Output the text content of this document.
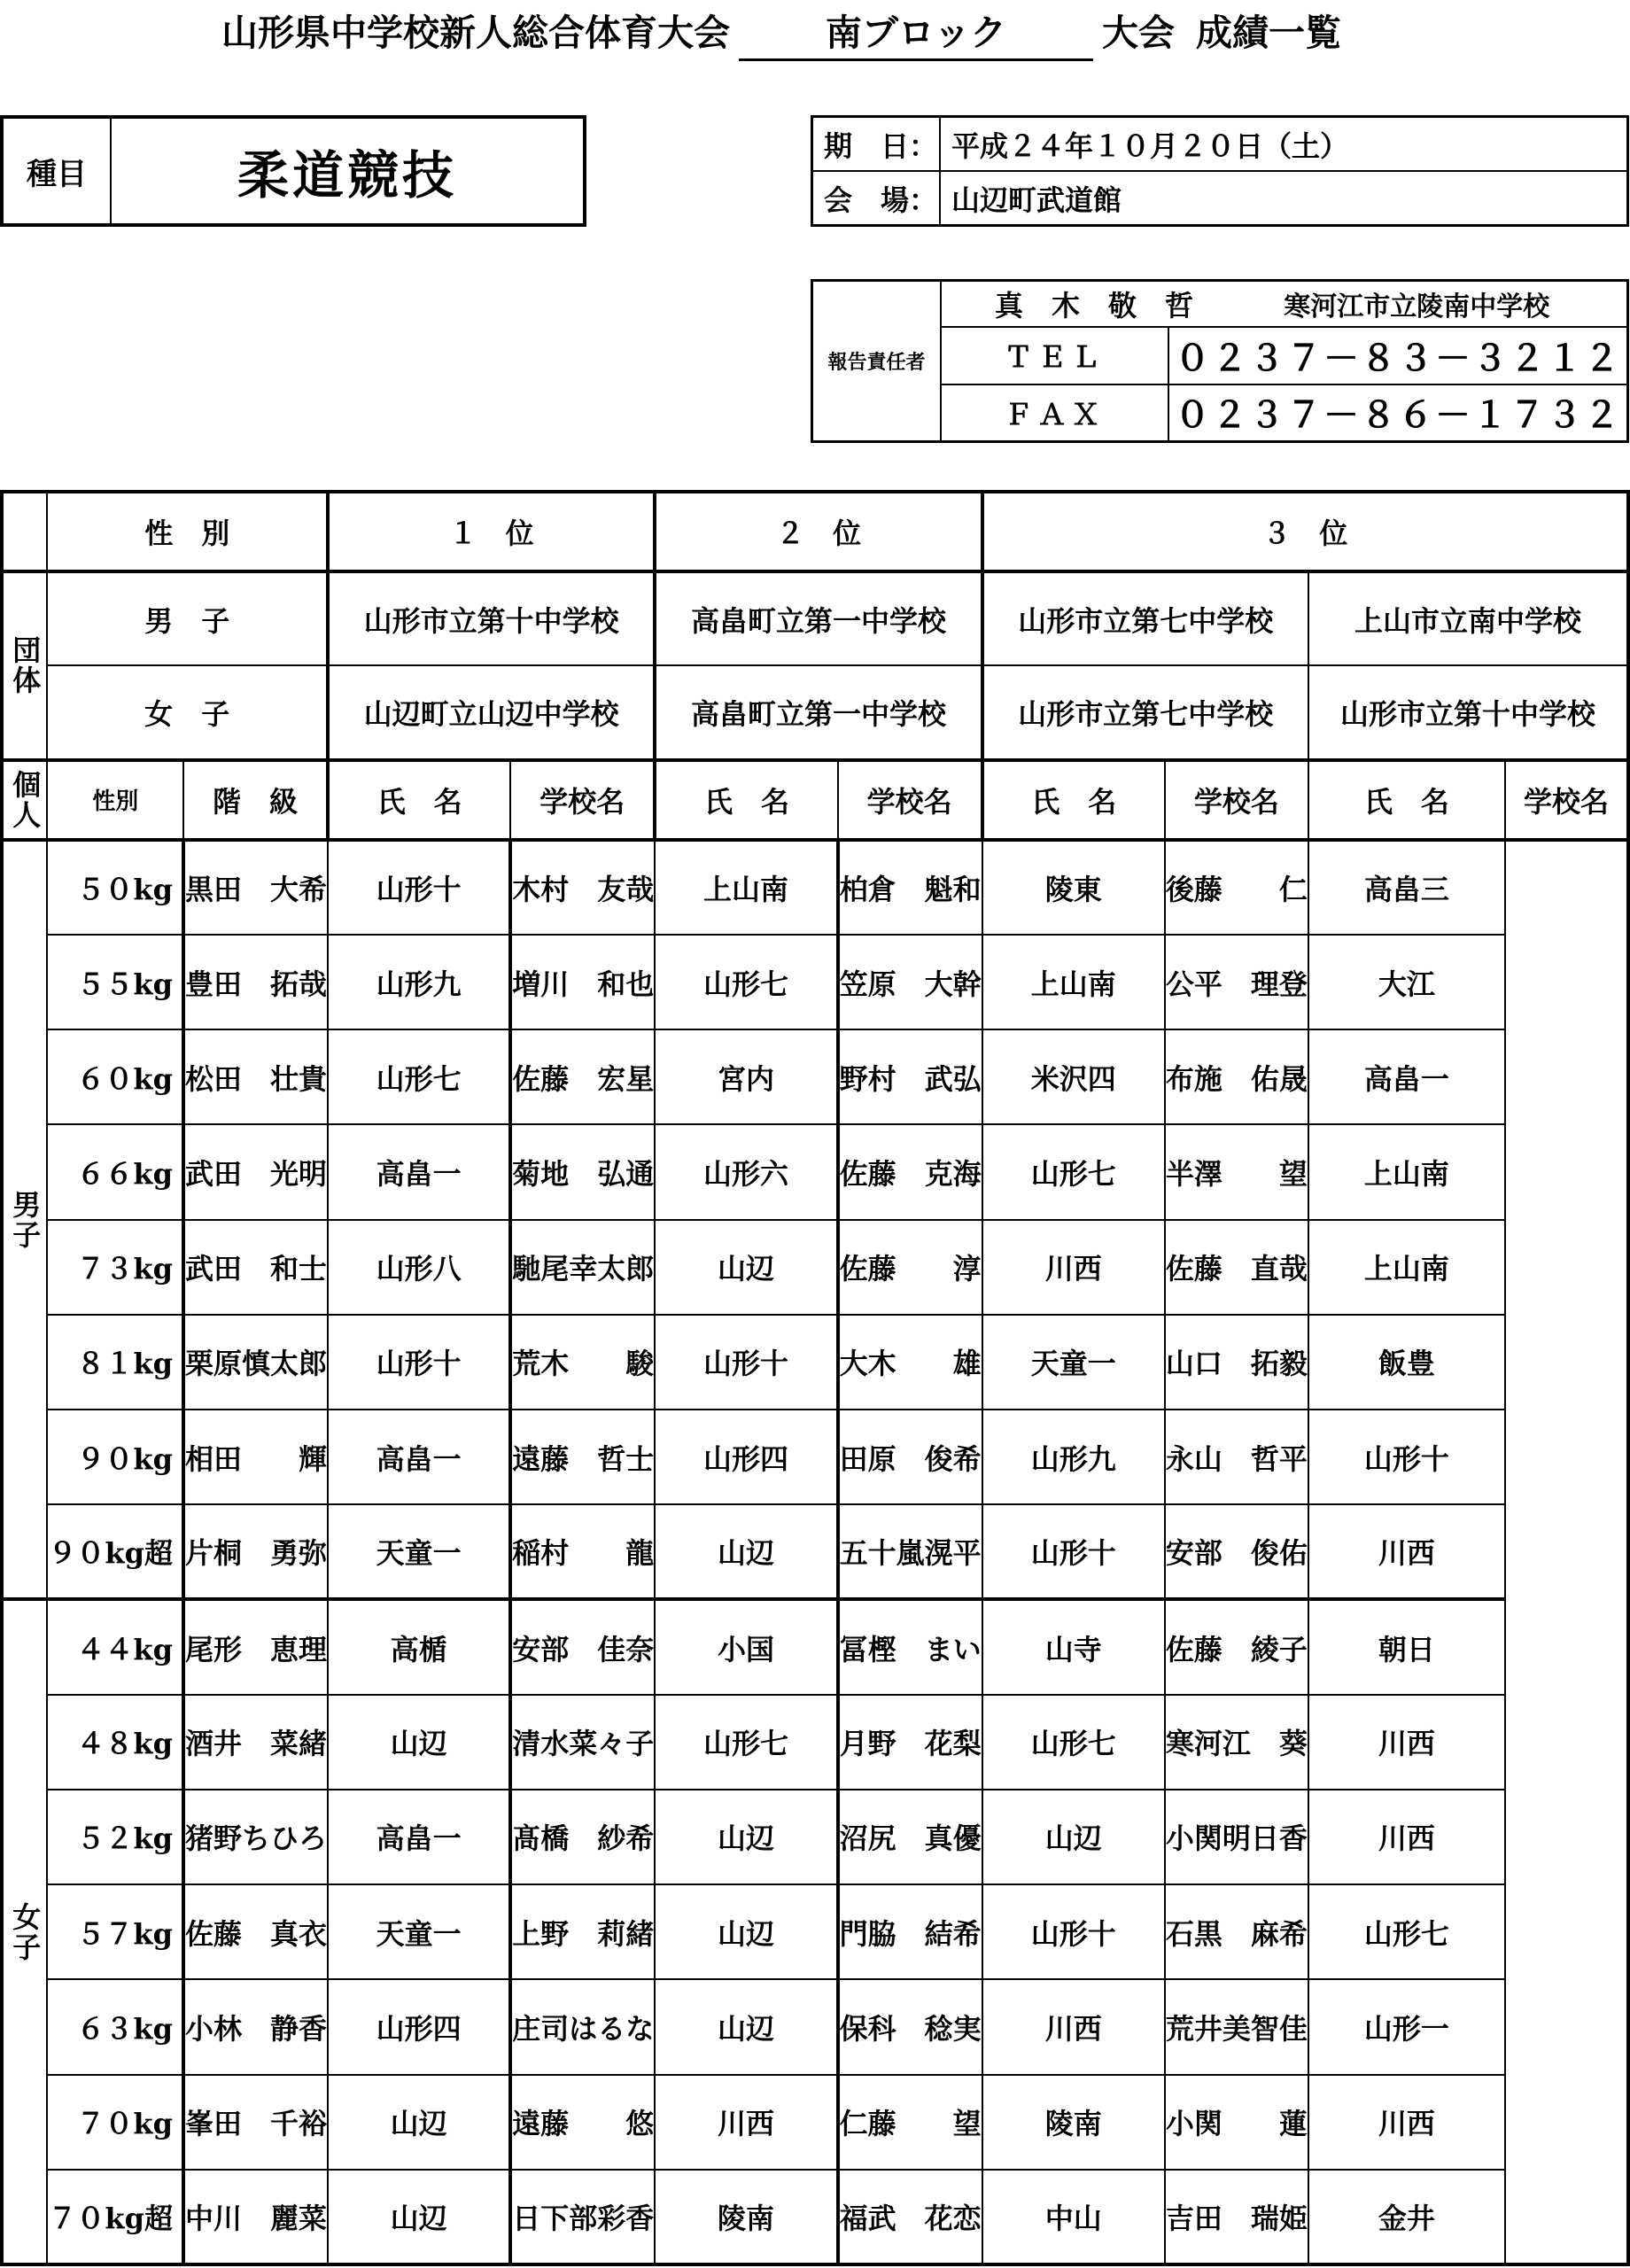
山形県中学校新人総合体育大会	南ブロック	大会 成績一覧
種目	柔道競技	期　日：	平成２４年１０月２０日（土）
会　場：	山辺町武道館
報告責任者	真　木　敬　哲 寒河江市立陵南中学校	
	ＴＥＬ	０２３７－８３－３２１２
	ＦＡＸ	０２３７－８６－１７３２
	性　別		１　位		２　位		３　位			
団体	男　子		山形市立第十中学校		高畠町立第一中学校		山形市立第七中学校		上山市立南中学校	
	女　子		山辺町立山辺中学校		高畠町立第一中学校		山形市立第七中学校		山形市立第十中学校	
個人	性別	階　級	氏　名	学校名	氏　名	学校名	氏　名	学校名	氏　名	学校名
男子	５０kg	黒田　大希	山形十	木村　友哉	上山南	柏倉　魁和	陵東	後藤　　仁	高畠三	
	５５kg	豊田　拓哉	山形九	増川　和也	山形七	笠原　大幹	上山南	公平　理登	大江	
	６０kg	松田　壮貴	山形七	佐藤　宏星	宮内	野村　武弘	米沢四	布施　佑晟	高畠一	
	６６kg	武田　光明	高畠一	菊地　弘通	山形六	佐藤　克海	山形七	半澤　　望	上山南	
	７３kg	武田　和士	山形八	馳尾幸太郎	山辺	佐藤　　淳	川西	佐藤　直哉	上山南	
	８１kg	栗原慎太郎	山形十	荒木　　駿	山形十	大木　　雄	天童一	山口　拓毅	飯豊	
	９０kg	相田　　輝	高畠一	遠藤　哲士	山形四	田原　俊希	山形九	永山　哲平	山形十	
	９０kg超	片桐　勇弥	天童一	稲村　　龍	山辺	五十嵐滉平	山形十	安部　俊佑	川西	
女子	４４kg	尾形　恵理	高楯	安部　佳奈	小国	冨樫　まい	山寺	佐藤　綾子	朝日	
	４８kg	酒井　菜緒	山辺	清水菜々子	山形七	月野　花梨	山形七	寒河江　葵	川西	
	５２kg	猪野ちひろ	高畠一	髙橋　紗希	山辺	沼尻　真優	山辺	小関明日香	川西	
	５７kg	佐藤　真衣	天童一	上野　莉緒	山辺	門脇　結希	山形十	石黒　麻希	山形七	
	６３kg	小林　静香	山形四	庄司はるな	山辺	保科　稔実	川西	荒井美智佳	山形一	
	７０kg	峯田　千裕	山辺	遠藤　　悠	川西	仁藤　　望	陵南	小関　　蓮	川西	
	７０kg超	中川　麗菜	山辺	日下部彩香	陵南	福武　花恋	中山	吉田　瑞姫	金井	
